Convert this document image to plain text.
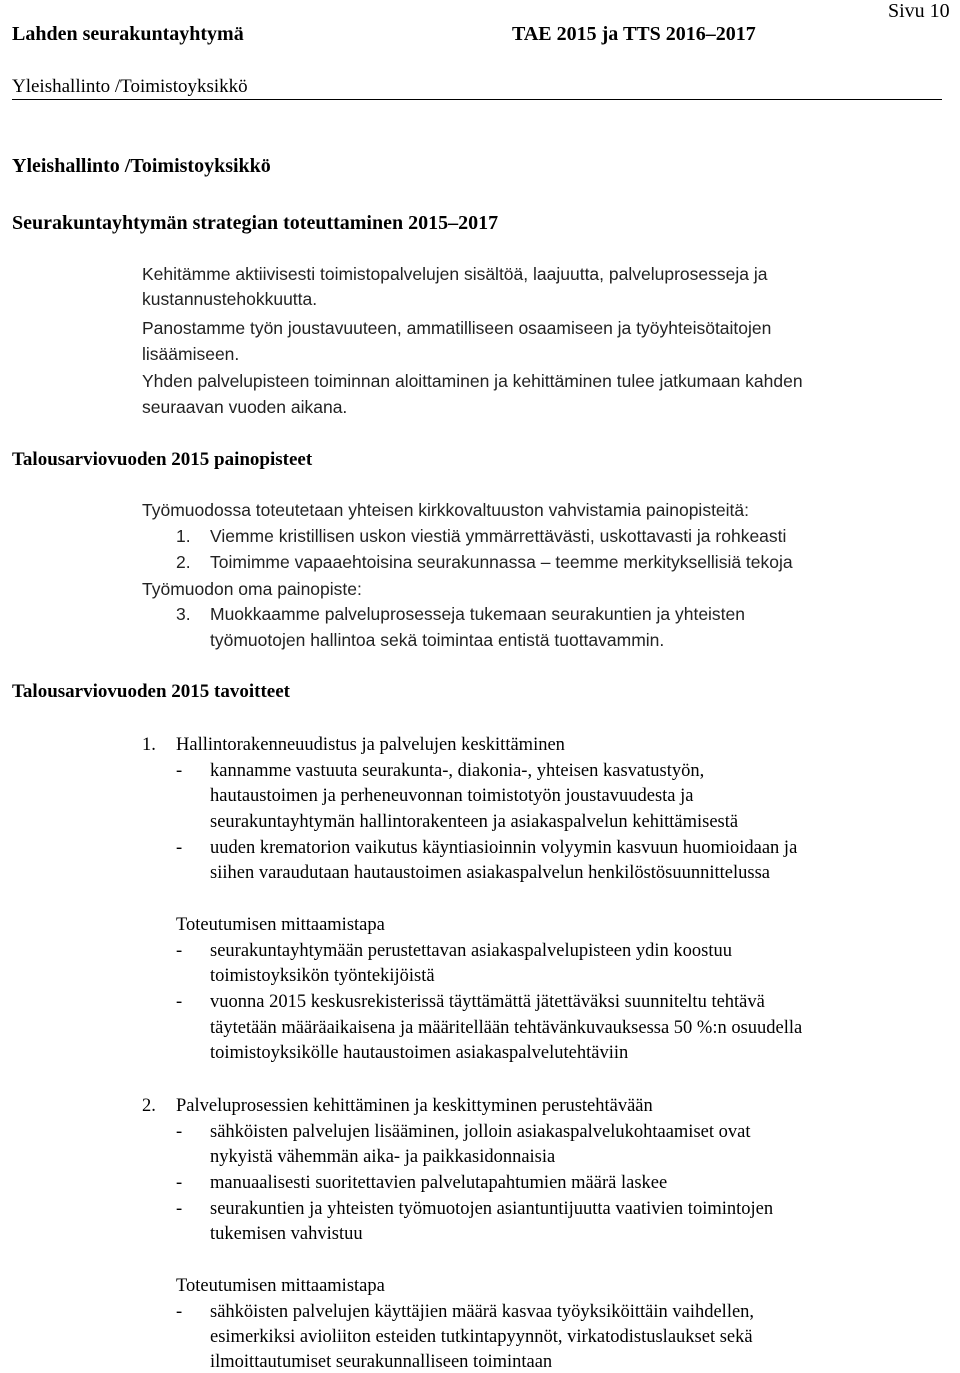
Lahden seurakuntayhtymä	TAE 2015 ja TTS 2016–2017
Sivu 10
Yleishallinto /Toimistoyksikkö
Yleishallinto /Toimistoyksikkö
Seurakuntayhtymän strategian toteuttaminen 2015–2017
Kehitämme aktiivisesti toimistopalvelujen sisältöä, laajuutta, palveluprosesseja ja
kustannustehokkuutta.
Panostamme työn joustavuuteen, ammatilliseen osaamiseen ja työyhteisötaitojen
lisäämiseen.
Yhden palvelupisteen toiminnan aloittaminen ja kehittäminen tulee jatkumaan kahden
seuraavan vuoden aikana.
Talousarviovuoden 2015 painopisteet
Työmuodossa toteutetaan yhteisen kirkkovaltuuston vahvistamia painopisteitä:
1. Viemme kristillisen uskon viestiä ymmärrettävästi, uskottavasti ja rohkeasti
2. Toimimme vapaaehtoisina seurakunnassa – teemme merkityksellisiä tekoja
Työmuodon oma painopiste:
3. Muokkaamme palveluprosesseja tukemaan seurakuntien ja yhteisten
työmuotojen hallintoa sekä toimintaa entistä tuottavammin.
Talousarviovuoden 2015 tavoitteet
1. Hallintorakenneuudistus ja palvelujen keskittäminen
- kannamme vastuuta seurakunta-, diakonia-, yhteisen kasvatustyön,
hautaustoimen ja perheneuvonnan toimistotyön joustavuudesta ja
seurakuntayhtymän hallintorakenteen ja asiakaspalvelun kehittämisestä
- uuden krematorion vaikutus käyntiasioinnin volyymin kasvuun huomioidaan ja
siihen varaudutaan hautaustoimen asiakaspalvelun henkilöstösuunnittelussa
Toteutumisen mittaamistapa
- seurakuntayhtymään perustettavan asiakaspalvelupisteen ydin koostuu
toimistoyksikön työntekijöistä
- vuonna 2015 keskusrekisterissä täyttämättä jätettäväksi suunniteltu tehtävä
täytetään määräaikaisena ja määritellään tehtävänkuvauksessa 50 %:n osuudella
toimistoyksikölle hautaustoimen asiakaspalvelutehtäviin
2. Palveluprosessien kehittäminen ja keskittyminen perustehtävään
- sähköisten palvelujen lisääminen, jolloin asiakaspalvelukohtaamiset ovat
nykyistä vähemmän aika- ja paikkasidonnaisia
- manuaalisesti suoritettavien palvelutapahtumien määrä laskee
- seurakuntien ja yhteisten työmuotojen asiantuntijuutta vaativien toimintojen
tukemisen vahvistuu
Toteutumisen mittaamistapa
- sähköisten palvelujen käyttäjien määrä kasvaa työyksiköittäin vaihdellen,
esimerkiksi avioliiton esteiden tutkintapyynnöt, virkatodistuslaukset sekä
ilmoittautumiset seurakunnalliseen toimintaan
